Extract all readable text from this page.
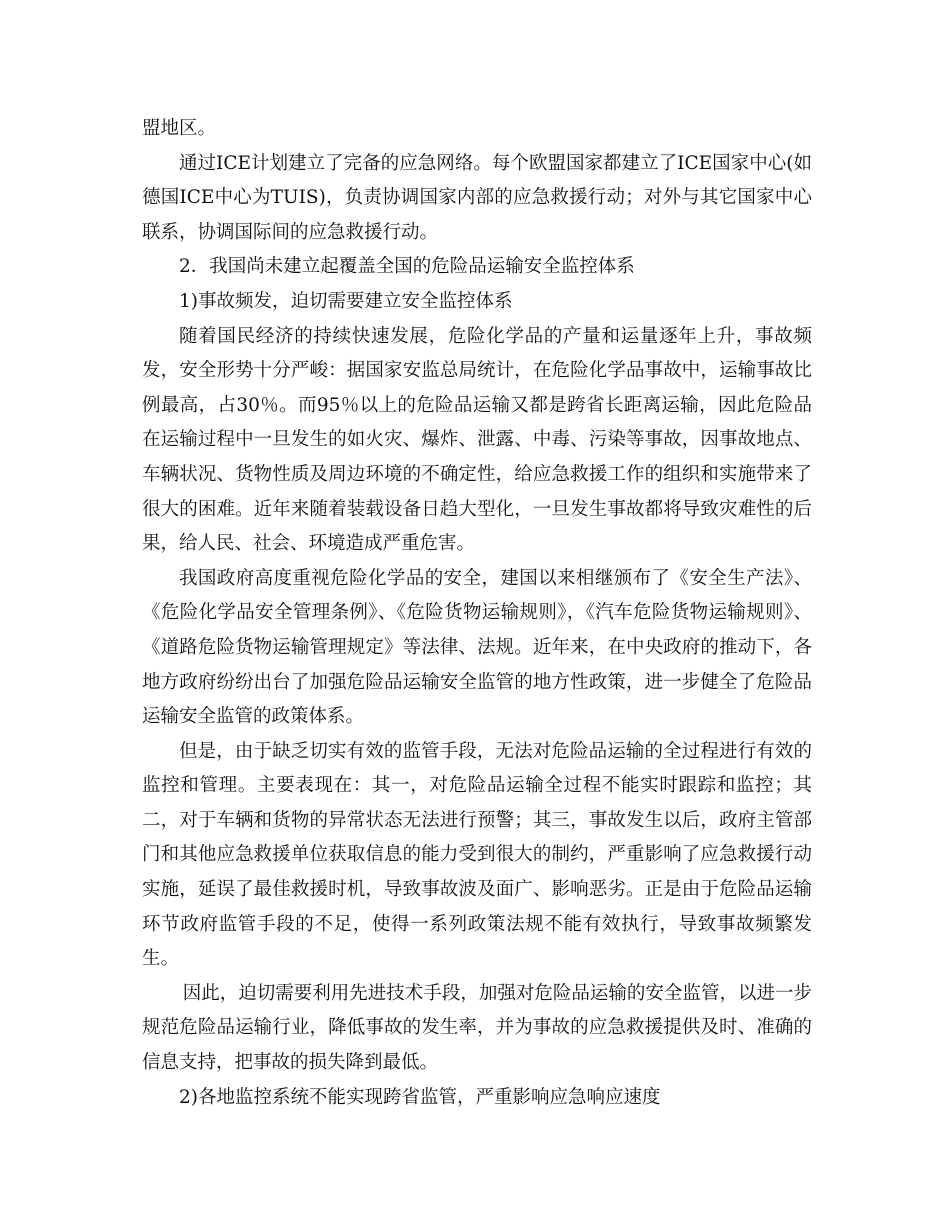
盟地区。

通过ICE计划建立了完备的应急网络。每个欧盟国家都建立了ICE国家中心(如德国ICE中心为TUIS)，负责协调国家内部的应急救援行动；对外与其它国家中心联系，协调国际间的应急救援行动。

2．我国尚未建立起覆盖全国的危险品运输安全监控体系

1)事故频发，迫切需要建立安全监控体系

随着国民经济的持续快速发展，危险化学品的产量和运量逐年上升，事故频发，安全形势十分严峻：据国家安监总局统计，在危险化学品事故中，运输事故比例最高，占30％。而95％以上的危险品运输又都是跨省长距离运输，因此危险品在运输过程中一旦发生的如火灾、爆炸、泄露、中毒、污染等事故，因事故地点、车辆状况、货物性质及周边环境的不确定性，给应急救援工作的组织和实施带来了很大的困难。近年来随着装载设备日趋大型化，一旦发生事故都将导致灾难性的后果，给人民、社会、环境造成严重危害。

我国政府高度重视危险化学品的安全，建国以来相继颁布了《安全生产法》、《危险化学品安全管理条例》、《危险货物运输规则》，《汽车危险货物运输规则》、《道路危险货物运输管理规定》等法律、法规。近年来，在中央政府的推动下，各地方政府纷纷出台了加强危险品运输安全监管的地方性政策，进一步健全了危险品运输安全监管的政策体系。

但是，由于缺乏切实有效的监管手段，无法对危险品运输的全过程进行有效的监控和管理。主要表现在：其一，对危险品运输全过程不能实时跟踪和监控；其二，对于车辆和货物的异常状态无法进行预警；其三，事故发生以后，政府主管部门和其他应急救援单位获取信息的能力受到很大的制约，严重影响了应急救援行动实施，延误了最佳救援时机，导致事故波及面广、影响恶劣。正是由于危险品运输环节政府监管手段的不足，使得一系列政策法规不能有效执行，导致事故频繁发生。

因此，迫切需要利用先进技术手段，加强对危险品运输的安全监管，以进一步规范危险品运输行业，降低事故的发生率，并为事故的应急救援提供及时、准确的信息支持，把事故的损失降到最低。

2)各地监控系统不能实现跨省监管，严重影响应急响应速度
